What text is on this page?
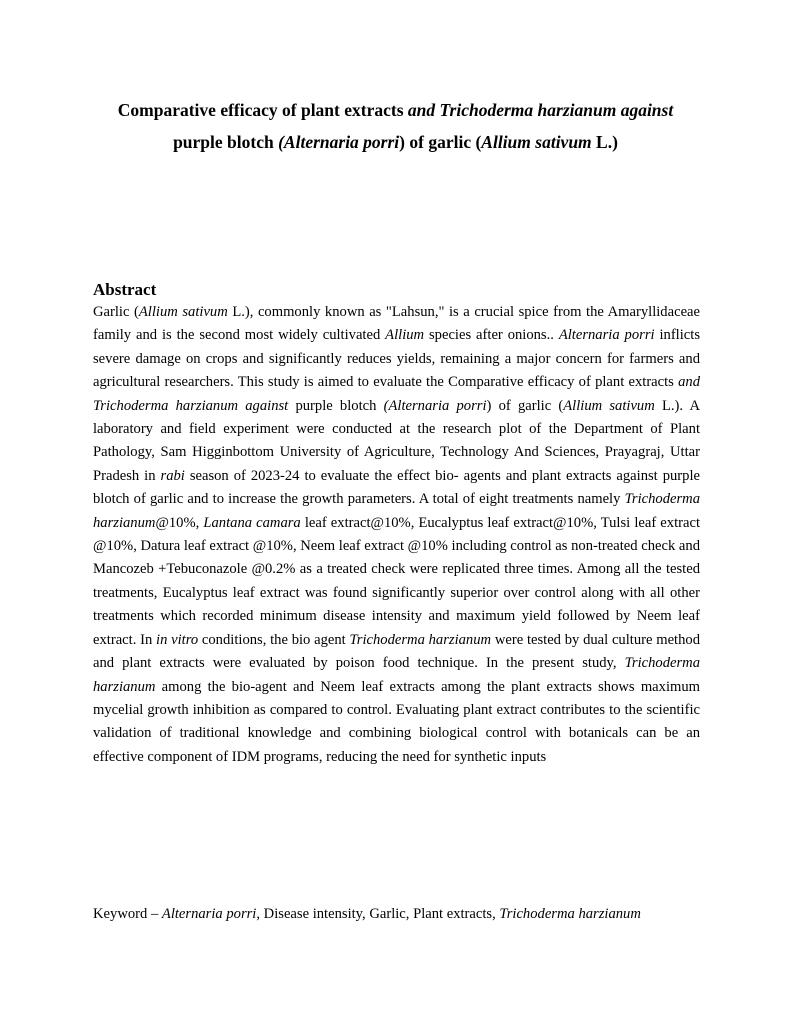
Comparative efficacy of plant extracts and Trichoderma harzianum against
purple blotch (Alternaria porri) of garlic (Allium sativum L.)
Abstract

Garlic (Allium sativum L.), commonly known as "Lahsun," is a crucial spice from the Amaryllidaceae family and is the second most widely cultivated Allium species after onions.. Alternaria porri inflicts severe damage on crops and significantly reduces yields, remaining a major concern for farmers and agricultural researchers. This study is aimed to evaluate the Comparative efficacy of plant extracts and Trichoderma harzianum against purple blotch (Alternaria porri) of garlic (Allium sativum L.). A laboratory and field experiment were conducted at the research plot of the Department of Plant Pathology, Sam Higginbottom University of Agriculture, Technology And Sciences, Prayagraj, Uttar Pradesh in rabi season of 2023-24 to evaluate the effect bio- agents and plant extracts against purple blotch of garlic and to increase the growth parameters. A total of eight treatments namely Trichoderma harzianum@10%, Lantana camara leaf extract@10%, Eucalyptus leaf extract@10%, Tulsi leaf extract @10%, Datura leaf extract @10%, Neem leaf extract @10% including control as non-treated check and Mancozeb +Tebuconazole @0.2% as a treated check were replicated three times. Among all the tested treatments, Eucalyptus leaf extract was found significantly superior over control along with all other treatments which recorded minimum disease intensity and maximum yield followed by Neem leaf extract. In in vitro conditions, the bio agent Trichoderma harzianum were tested by dual culture method and plant extracts were evaluated by poison food technique. In the present study, Trichoderma harzianum among the bio-agent and Neem leaf extracts among the plant extracts shows maximum mycelial growth inhibition as compared to control. Evaluating plant extract contributes to the scientific validation of traditional knowledge and combining biological control with botanicals can be an effective component of IDM programs, reducing the need for synthetic inputs

Keyword – Alternaria porri, Disease intensity, Garlic, Plant extracts, Trichoderma harzianum
